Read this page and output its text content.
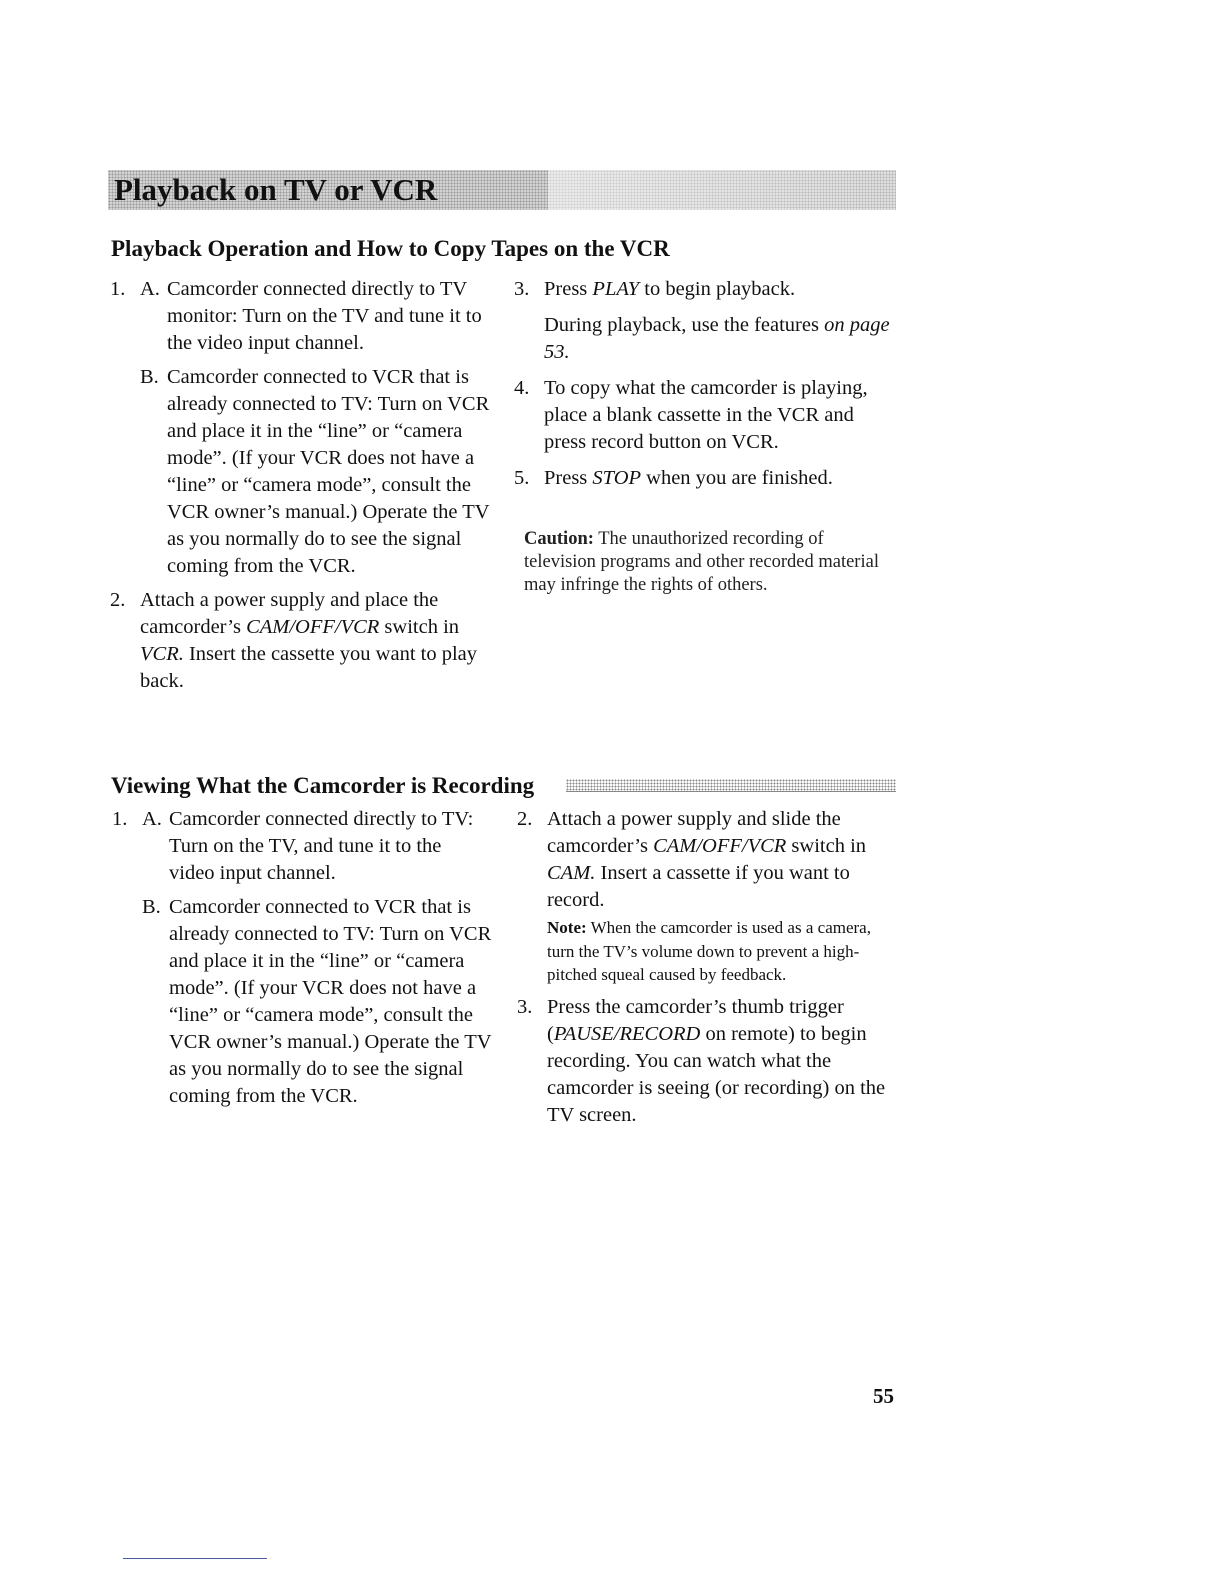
Playback on TV or VCR
Playback Operation and How to Copy Tapes on the VCR
1. A. Camcorder connected directly to TV monitor: Turn on the TV and tune it to the video input channel.

B. Camcorder connected to VCR that is already connected to TV: Turn on VCR and place it in the “line” or “camera mode”. (If your VCR does not have a “line” or “camera mode”, consult the VCR owner’s manual.) Operate the TV as you normally do to see the signal coming from the VCR.

2. Attach a power supply and place the camcorder’s CAM/OFF/VCR switch in VCR. Insert the cassette you want to play back.

3. Press PLAY to begin playback.

During playback, use the features on page 53.

4. To copy what the camcorder is playing, place a blank cassette in the VCR and press record button on VCR.

5. Press STOP when you are finished.

Caution: The unauthorized recording of television programs and other recorded material may infringe the rights of others.
Viewing What the Camcorder is Recording
1. A. Camcorder connected directly to TV: Turn on the TV, and tune it to the video input channel.

B. Camcorder connected to VCR that is already connected to TV: Turn on VCR and place it in the “line” or “camera mode”. (If your VCR does not have a “line” or “camera mode”, consult the VCR owner’s manual.) Operate the TV as you normally do to see the signal coming from the VCR.

2. Attach a power supply and slide the camcorder’s CAM/OFF/VCR switch in CAM. Insert a cassette if you want to record.

Note: When the camcorder is used as a camera, turn the TV’s volume down to prevent a high-pitched squeal caused by feedback.

3. Press the camcorder’s thumb trigger (PAUSE/RECORD on remote) to begin recording. You can watch what the camcorder is seeing (or recording) on the TV screen.

55
